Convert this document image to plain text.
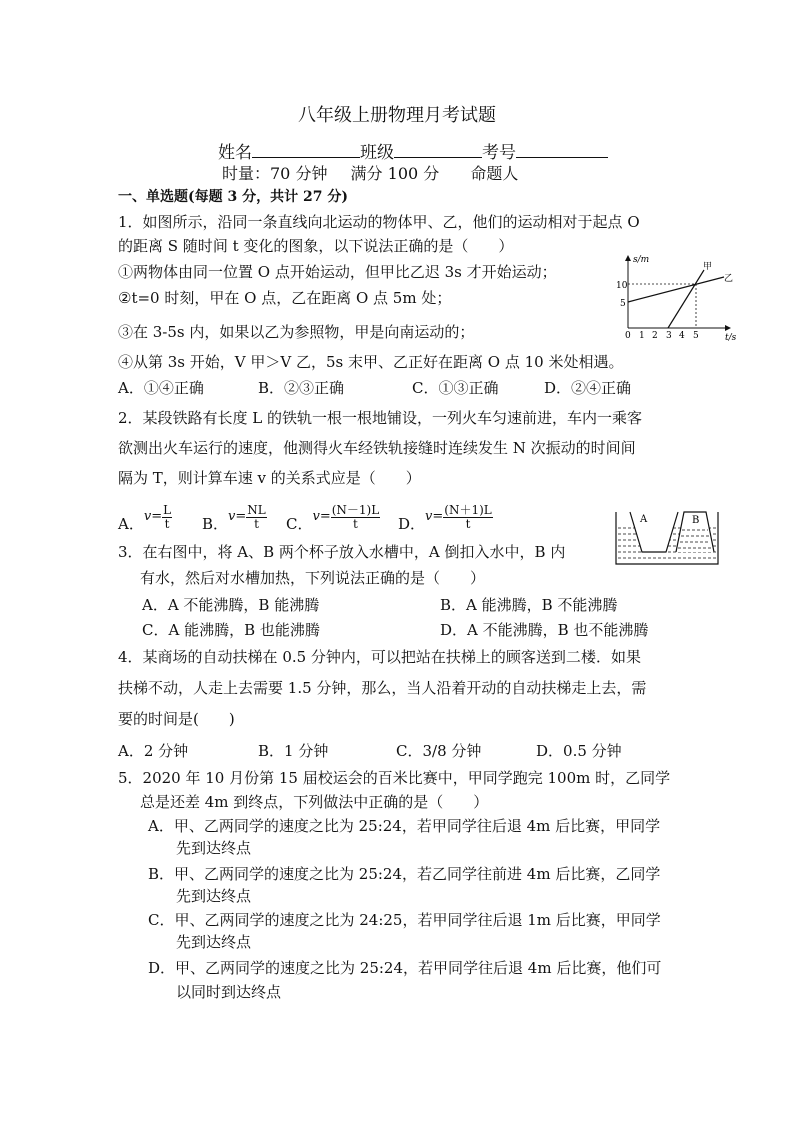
八年级上册物理月考试题
姓名	班级	考号
时量：70 分钟 满分 100 分 命题人
一、单选题(每题 3 分，共计 27 分)
1．如图所示，沿同一条直线向北运动的物体甲、乙，他们的运动相对于起点 O
的距离 S 随时间 t 变化的图象，以下说法正确的是（　　）
①两物体由同一位置 O 点开始运动，但甲比乙迟 3s 才开始运动；
②t=0 时刻，甲在 O 点，乙在距离 O 点 5m 处；
③在 3-5s 内，如果以乙为参照物，甲是向南运动的；
④从第 3s 开始，V 甲＞V 乙，5s 末甲、乙正好在距离 O 点 10 米处相遇。
A．①④正确	B．②③正确	C．①③正确	D．②④正确
s/m
t/s
10
5
0 1 2 3 4 5
甲
乙
2．某段铁路有长度 L 的铁轨一根一根地铺设，一列火车匀速前进，车内一乘客
欲测出火车运行的速度，他测得火车经铁轨接缝时连续发生 N 次振动的时间间
隔为 T，则计算车速 v 的关系式应是（　　）
A．$v= \frac{L}{t}$ B．$v= \frac{NL}{t}$ C．$v= \frac{(N-1)L}{t}$ D．$v= \frac{(N+1)L}{t}$	A	B
3．在右图中，将 A、B 两个杯子放入水槽中，A 倒扣入水中，B 内
有水，然后对水槽加热，下列说法正确的是（　　）
A．A 不能沸腾，B 能沸腾	B．A 能沸腾，B 不能沸腾
C．A 能沸腾，B 也能沸腾	D．A 不能沸腾，B 也不能沸腾
4．某商场的自动扶梯在 0.5 分钟内，可以把站在扶梯上的顾客送到二楼．如果
扶梯不动，人走上去需要 1.5 分钟，那么，当人沿着开动的自动扶梯走上去，需
要的时间是(　　)
A．2 分钟	B．1 分钟	C．3/8 分钟	D．0.5 分钟
5．2020 年 10 月份第 15 届校运会的百米比赛中，甲同学跑完 100m 时，乙同学
总是还差 4m 到终点，下列做法中正确的是（　　）
A．甲、乙两同学的速度之比为 25:24，若甲同学往后退 4m 后比赛，甲同学
先到达终点
B．甲、乙两同学的速度之比为 25:24，若乙同学往前进 4m 后比赛，乙同学
先到达终点
C．甲、乙两同学的速度之比为 24:25，若甲同学往后退 1m 后比赛，甲同学
先到达终点
D．甲、乙两同学的速度之比为 25:24，若甲同学往后退 4m 后比赛，他们可
以同时到达终点
